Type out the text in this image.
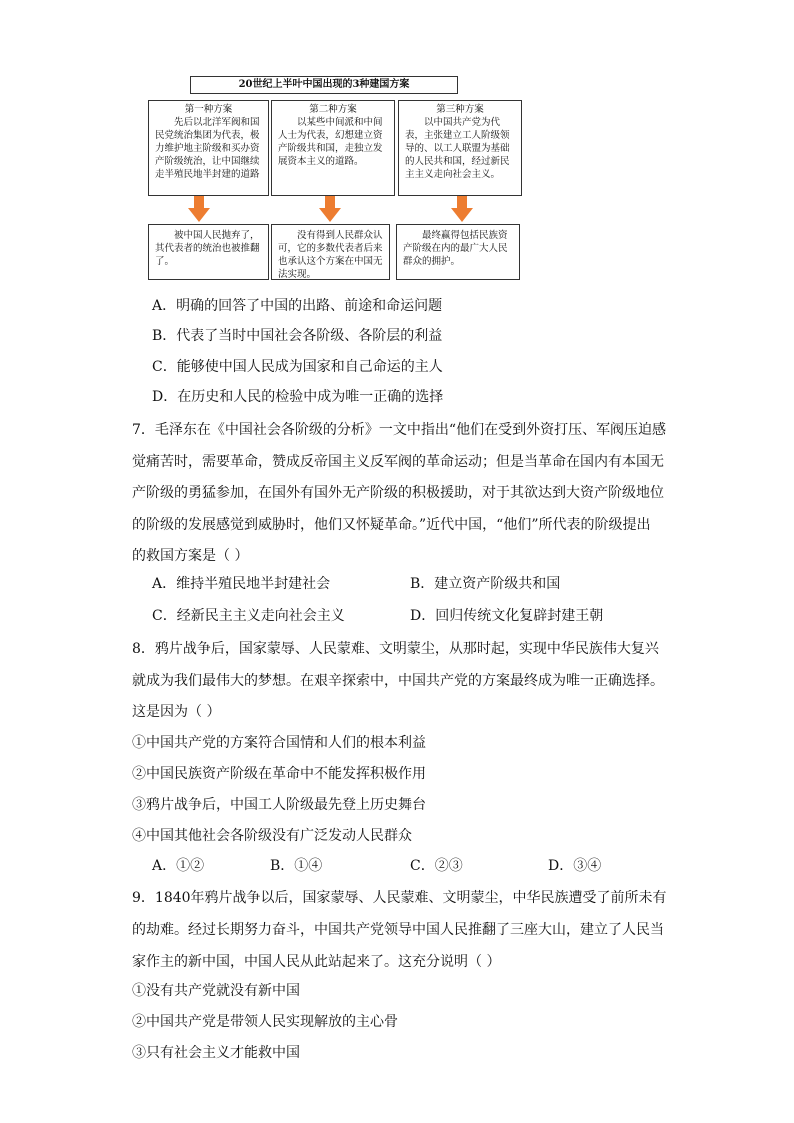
20世纪上半叶中国出现的3种建国方案
第一种方案
先后以北洋军阀和国民党统治集团为代表，极力维护地主阶级和买办资产阶级统治，让中国继续走半殖民地半封建的道路
第二种方案
以某些中间派和中间人士为代表，幻想建立资产阶级共和国，走独立发展资本主义的道路。
第三种方案
以中国共产党为代表，主张建立工人阶级领导的、以工人联盟为基础的人民共和国，经过新民主主义走向社会主义。
被中国人民抛弃了，其代表者的统治也被推翻了。
没有得到人民群众认可，它的多数代表者后来也承认这个方案在中国无法实现。
最终赢得包括民族资产阶级在内的最广大人民群众的拥护。
A．明确的回答了中国的出路、前途和命运问题
B．代表了当时中国社会各阶级、各阶层的利益
C．能够使中国人民成为国家和自己命运的主人
D．在历史和人民的检验中成为唯一正确的选择
7．毛泽东在《中国社会各阶级的分析》一文中指出“他们在受到外资打压、军阀压迫感
觉痛苦时，需要革命，赞成反帝国主义反军阀的革命运动；但是当革命在国内有本国无
产阶级的勇猛参加，在国外有国外无产阶级的积极援助，对于其欲达到大资产阶级地位
的阶级的发展感觉到威胁时，他们又怀疑革命。”近代中国，“他们”所代表的阶级提出
的救国方案是（ ）
A．维持半殖民地半封建社会	B．建立资产阶级共和国
C．经新民主主义走向社会主义	D．回归传统文化复辟封建王朝
8．鸦片战争后，国家蒙辱、人民蒙难、文明蒙尘，从那时起，实现中华民族伟大复兴
就成为我们最伟大的梦想。在艰辛探索中，中国共产党的方案最终成为唯一正确选择。
这是因为（ ）
①中国共产党的方案符合国情和人们的根本利益
②中国民族资产阶级在革命中不能发挥积极作用
③鸦片战争后，中国工人阶级最先登上历史舞台
④中国其他社会各阶级没有广泛发动人民群众
A．①②	B．①④	C．②③	D．③④
9．1840年鸦片战争以后，国家蒙辱、人民蒙难、文明蒙尘，中华民族遭受了前所未有
的劫难。经过长期努力奋斗，中国共产党领导中国人民推翻了三座大山，建立了人民当
家作主的新中国，中国人民从此站起来了。这充分说明（ ）
①没有共产党就没有新中国
②中国共产党是带领人民实现解放的主心骨
③只有社会主义才能救中国
